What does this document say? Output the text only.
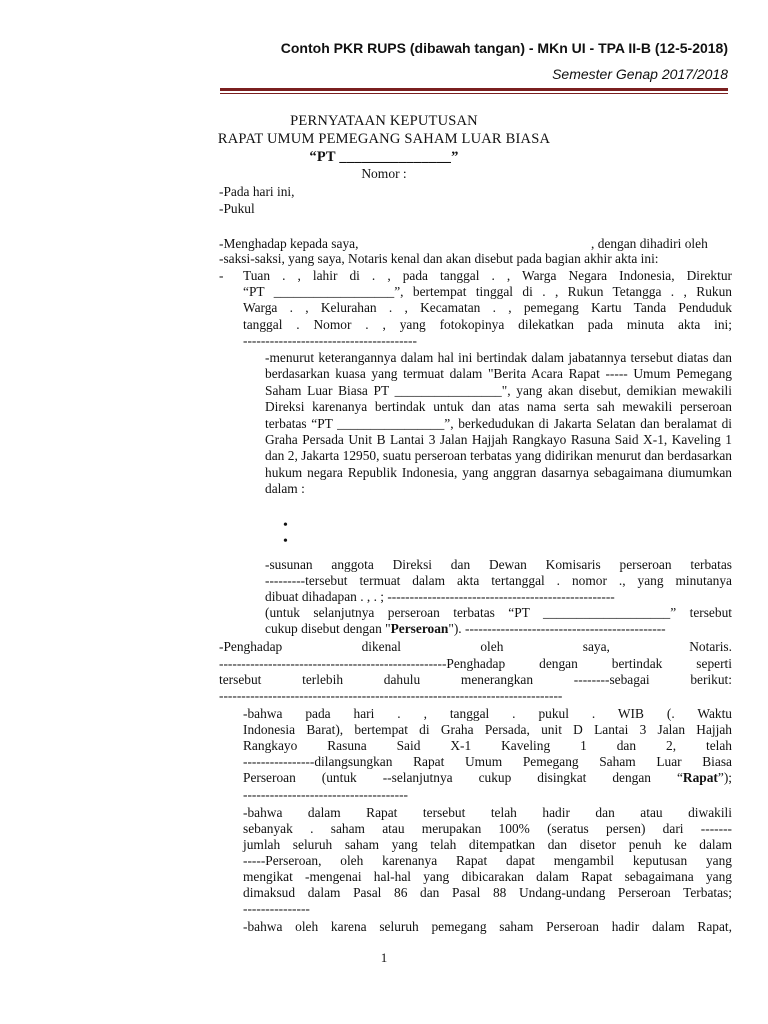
Contoh PKR RUPS (dibawah tangan) - MKn UI - TPA II-B (12-5-2018)
Semester Genap 2017/2018
PERNYATAAN KEPUTUSAN
RAPAT UMUM PEMEGANG SAHAM LUAR BIASA
“PT _______________”
Nomor :
-Pada hari ini,
-Pukul
-Menghadap kepada saya,	, dengan dihadiri oleh
-saksi-saksi, yang saya, Notaris kenal dan akan disebut pada bagian akhir akta ini:
- Tuan . , lahir di . , pada tanggal . , Warga Negara Indonesia, Direktur
“PT __________________”, bertempat tinggal di . , Rukun Tetangga . , Rukun
Warga . , Kelurahan . , Kecamatan . , pemegang Kartu Tanda Penduduk
tanggal . Nomor . , yang fotokopinya dilekatkan pada minuta akta ini;
---------------------------------------

-menurut keterangannya dalam hal ini bertindak dalam jabatannya tersebut diatas dan berdasarkan kuasa yang termuat dalam "Berita Acara Rapat ----- Umum Pemegang Saham Luar Biasa PT ________________", yang akan disebut, demikian mewakili Direksi karenanya bertindak untuk dan atas nama serta sah mewakili perseroan terbatas “PT ________________”, berkedudukan di Jakarta Selatan dan beralamat di Graha Persada Unit B Lantai 3 Jalan Hajjah Rangkayo Rasuna Said X-1, Kaveling 1 dan 2, Jakarta 12950, suatu perseroan terbatas yang didirikan menurut dan berdasarkan hukum negara Republik Indonesia, yang anggran dasarnya sebagaimana diumumkan dalam :

•
•
-susunan anggota Direksi dan Dewan Komisaris perseroan terbatas
---------tersebut termuat dalam akta tertanggal . nomor ., yang minutanya
dibuat dihadapan . , . ; ---------------------------------------------------
(untuk selanjutnya perseroan terbatas “PT ___________________” tersebut
cukup disebut dengan "Perseroan"). ---------------------------------------------
-Penghadap dikenal oleh saya, Notaris.
---------------------------------------------------Penghadap dengan bertindak seperti
tersebut terlebih dahulu menerangkan --------sebagai berikut:
-----------------------------------------------------------------------------
-bahwa pada hari . , tanggal . pukul . WIB (. Waktu
Indonesia Barat), bertempat di Graha Persada, unit D Lantai 3 Jalan Hajjah
Rangkayo Rasuna Said X-1 Kaveling 1 dan 2, telah
----------------dilangsungkan Rapat Umum Pemegang Saham Luar Biasa
Perseroan (untuk --selanjutnya cukup disingkat dengan “Rapat”);
-------------------------------------
-bahwa dalam Rapat tersebut telah hadir dan atau diwakili
sebanyak . saham atau merupakan 100% (seratus persen) dari -------
jumlah seluruh saham yang telah ditempatkan dan disetor penuh ke dalam
-----Perseroan, oleh karenanya Rapat dapat mengambil keputusan yang
mengikat -mengenai hal-hal yang dibicarakan dalam Rapat sebagaimana yang
dimaksud dalam Pasal 86 dan Pasal 88 Undang-undang Perseroan Terbatas;
---------------
-bahwa oleh karena seluruh pemegang saham Perseroan hadir dalam Rapat,
1
